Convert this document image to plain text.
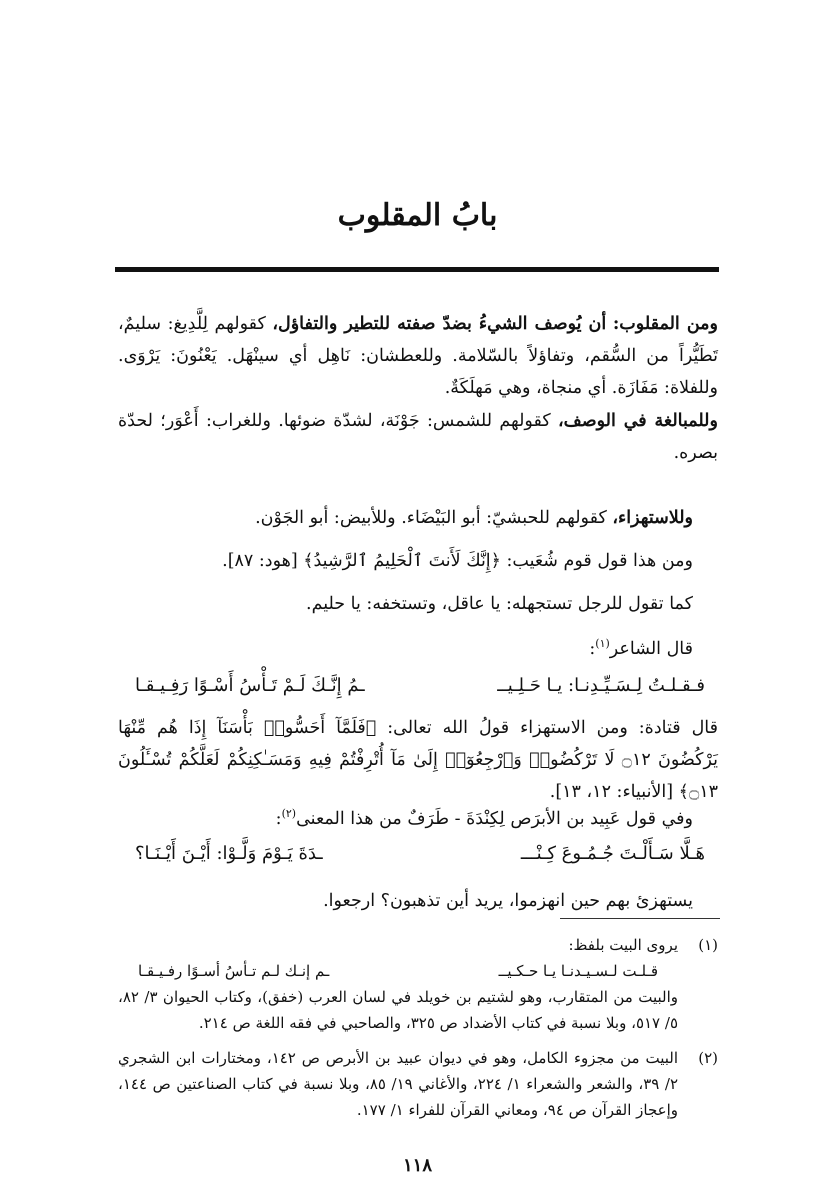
بابُ المقلوب
ومن المقلوب: أن يُوصف الشيءُ بضدّ صفته للتطير والتفاؤل، كقولهم لِلَّدِيغ: سليمٌ، تَطَيُّراً من السُّقم، وتفاؤلاً بالسّلامة. وللعطشان: نَاهِل أي سينْهَل. يَعْنُونَ: يَرْوَى. وللفلاة: مَفَازَة. أي منجاة، وهي مَهلَكَةٌ.
وللمبالغة في الوصف، كقولهم للشمس: جَوْنَة، لشدّة ضوئها. وللغراب: أَعْوَر؛ لحدّة بصره.
وللاستهزاء، كقولهم للحبشيّ: أبو البَيْضَاء. وللأبيض: أبو الجَوْن.
ومن هذا قول قوم شُعَيب: ﴿إِنَّكَ لَأَنتَ ٱلْحَلِيمُ ٱلرَّشِيدُ﴾ [هود: ٨٧].
كما تقول للرجل تستجهله: يا عاقل، وتستخفه: يا حليم.
قال الشاعر$^{(١)}$:
فـقـلـتُ لِـسَـيِّـدِنـا: يـا حَـلِـيــ
ـمُ إِنَّـكَ لَـمْ تَـأْسُ أَسْـوًا رَفِـيـقـا
قال قتادة: ومن الاستهزاء قولُ الله تعالى: ﴿فَلَمَّآ أَحَسُّوا۟ بَأْسَنَآ إِذَا هُم مِّنْهَا يَرْكُضُونَ ۝١٢ لَا تَرْكُضُوا۟ وَٱرْجِعُوٓا۟ إِلَىٰ مَآ أُتْرِفْتُمْ فِيهِ وَمَسَـٰكِنِكُمْ لَعَلَّكُمْ تُسْـَٔلُونَ ۝١٣﴾ [الأنبياء: ١٢، ١٣].
وفي قول عَبِيد بن الأبرَص لِكِنْدَةَ - طَرَفٌ من هذا المعنى$^{(٢)}$:
هَـلَّا سَـأَلْـتَ جُـمُـوعَ كِـنْـــ
ـدَةَ يَـوْمَ وَلَّـوْا: أَيْـنَ أَيْـنَـا؟
يستهزئ بهم حين انهزموا، يريد أين تذهبون؟ ارجعوا.
(١)
يروى البيت بلفظ:
قـلـت لـسـيـدنـا يـا حـكـيــ
ـم إنـك لـم تـأسُ أسـوًا رفـيـقـا
والبيت من المتقارب، وهو لشتيم بن خويلد في لسان العرب (خفق)، وكتاب الحيوان ٣/ ٨٢، ٥/ ٥١٧، وبلا نسبة في كتاب الأضداد ص ٣٢٥، والصاحبي في فقه اللغة ص ٢١٤.
(٢)
البيت من مجزوء الكامل، وهو في ديوان عبيد بن الأبرص ص ١٤٢، ومختارات ابن الشجري ٢/ ٣٩، والشعر والشعراء ١/ ٢٢٤، والأغاني ١٩/ ٨٥، وبلا نسبة في كتاب الصناعتين ص ١٤٤، وإعجاز القرآن ص ٩٤، ومعاني القرآن للفراء ١/ ١٧٧.
١١٨
